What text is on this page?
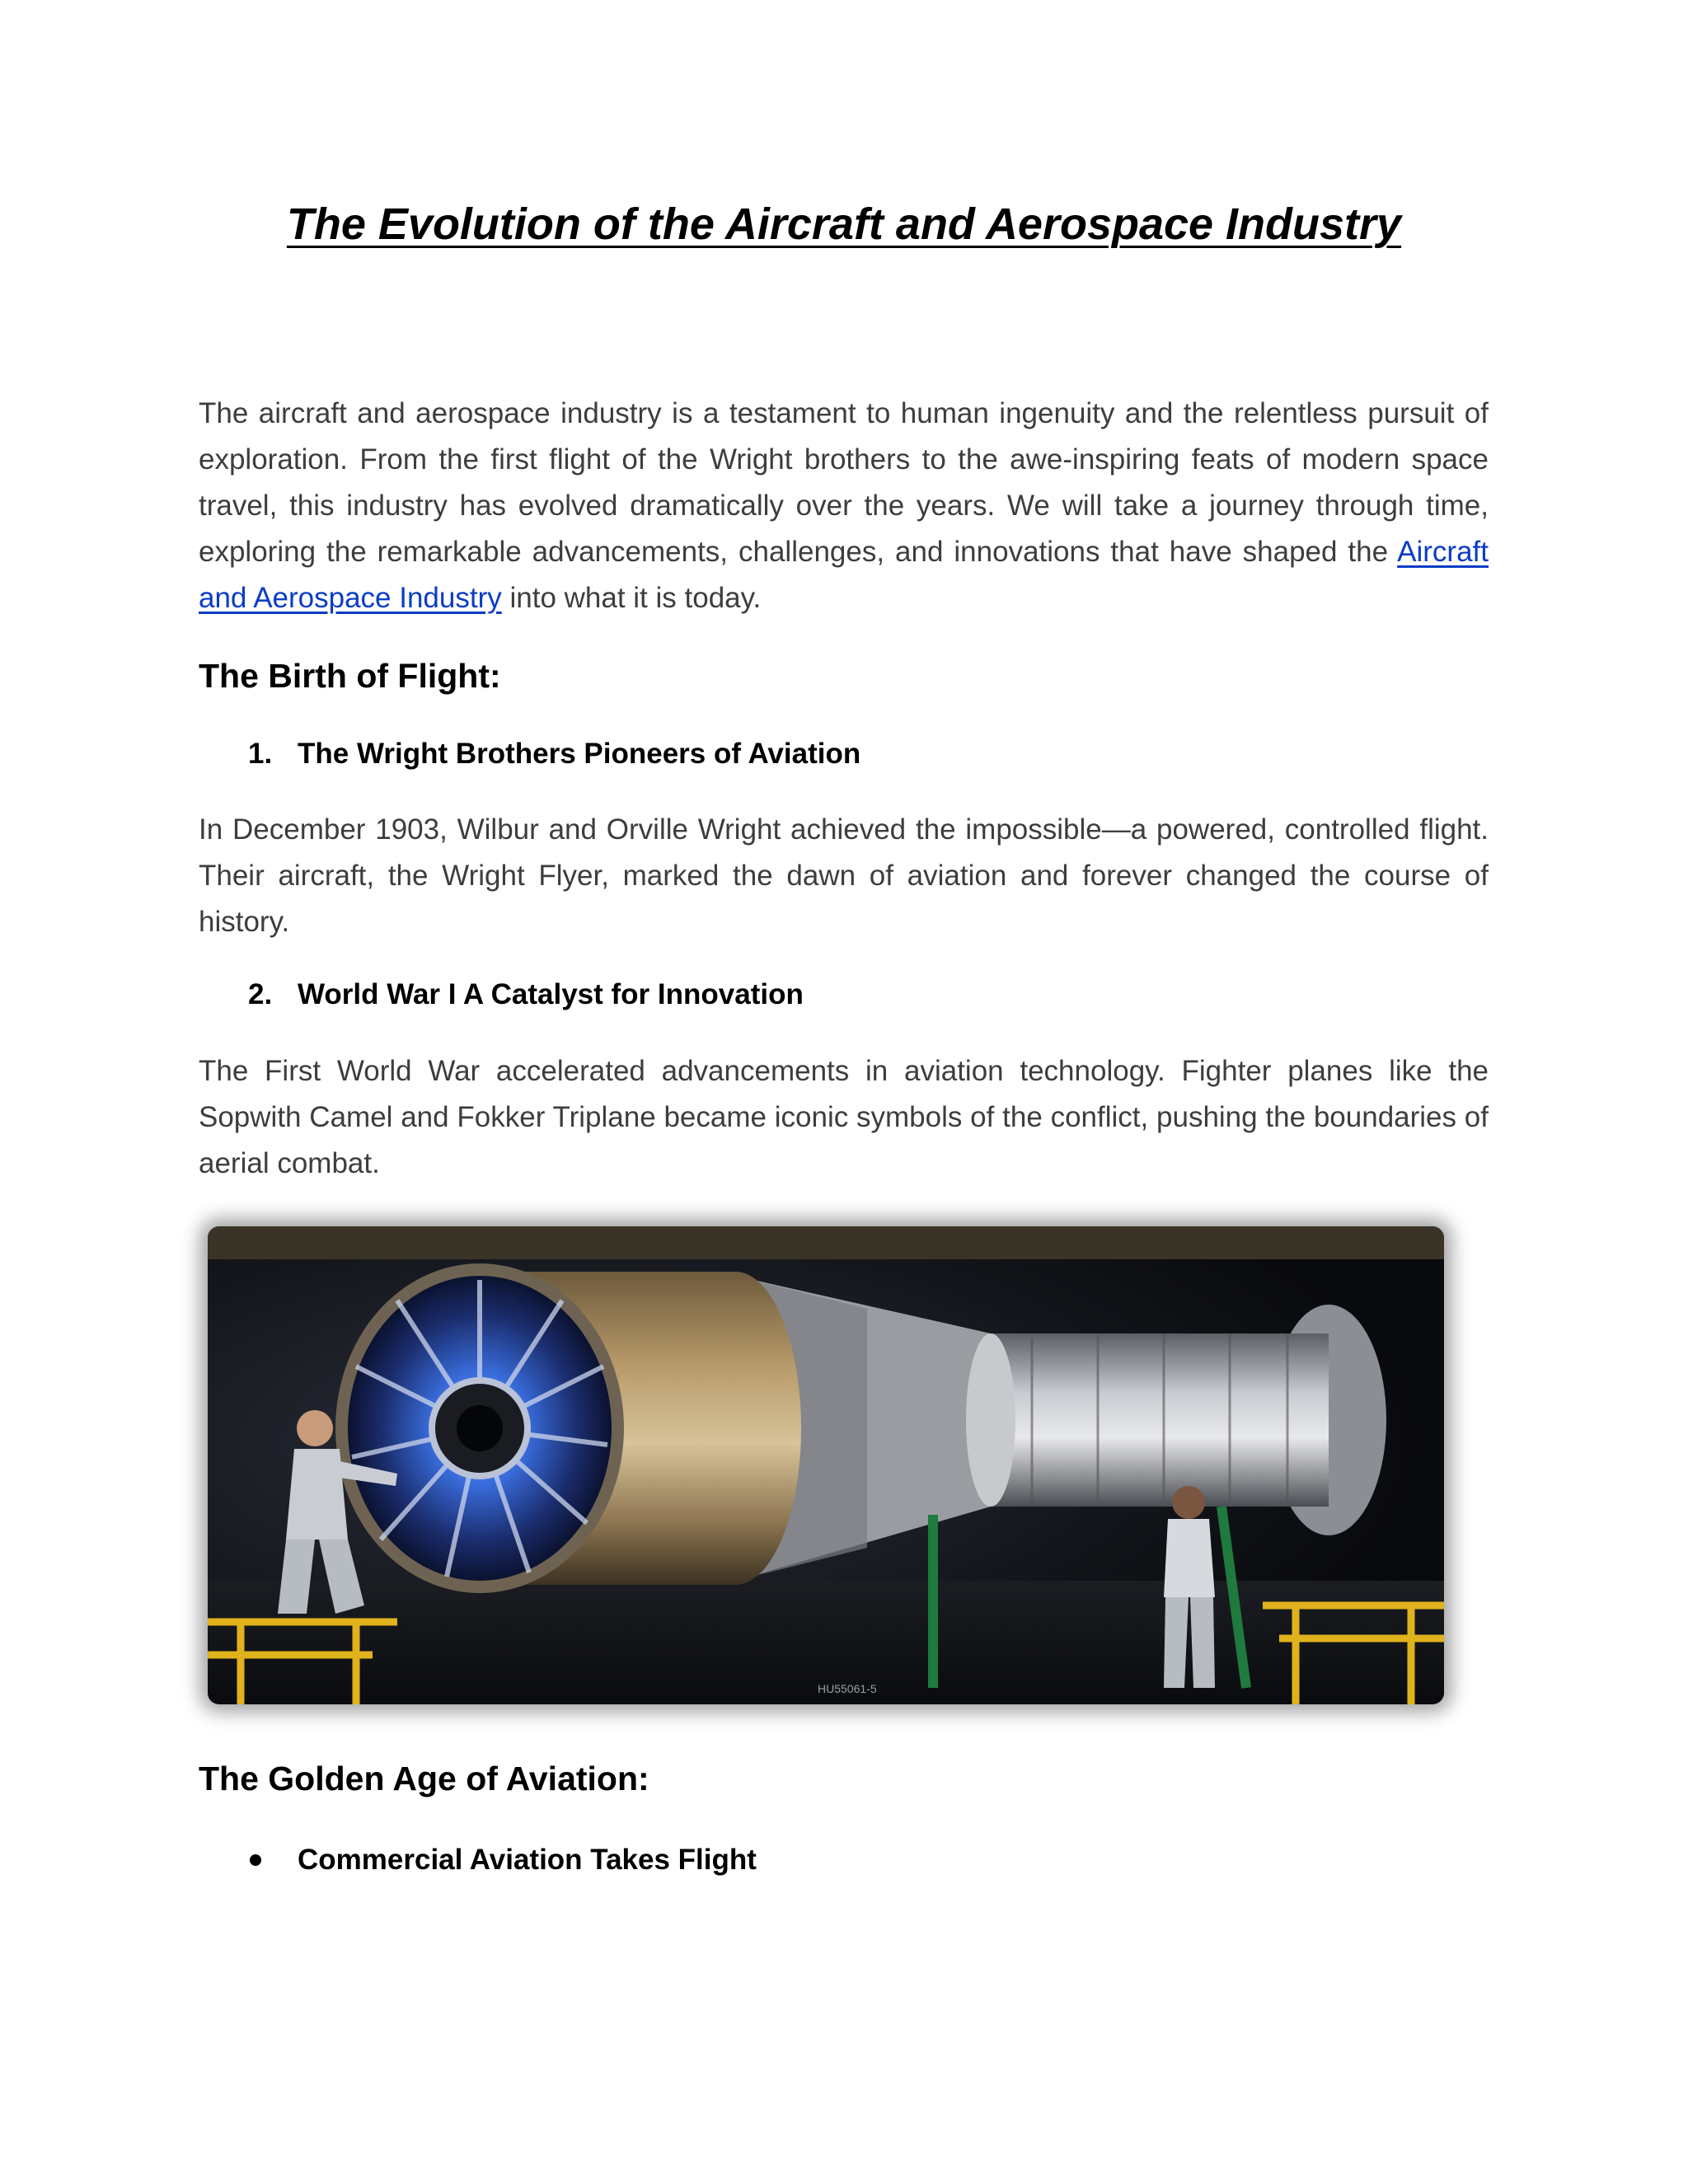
The Evolution of the Aircraft and Aerospace Industry

The aircraft and aerospace industry is a testament to human ingenuity and the relentless pursuit of exploration. From the first flight of the Wright brothers to the awe-inspiring feats of modern space travel, this industry has evolved dramatically over the years. We will take a journey through time, exploring the remarkable advancements, challenges, and innovations that have shaped the Aircraft and Aerospace Industry into what it is today.

The Birth of Flight:
1. The Wright Brothers Pioneers of Aviation

In December 1903, Wilbur and Orville Wright achieved the impossible—a powered, controlled flight. Their aircraft, the Wright Flyer, marked the dawn of aviation and forever changed the course of history.

2. World War I A Catalyst for Innovation

The First World War accelerated advancements in aviation technology. Fighter planes like the Sopwith Camel and Fokker Triplane became iconic symbols of the conflict, pushing the boundaries of aerial combat.

HU55061-5
The Golden Age of Aviation:
Commercial Aviation Takes Flight
